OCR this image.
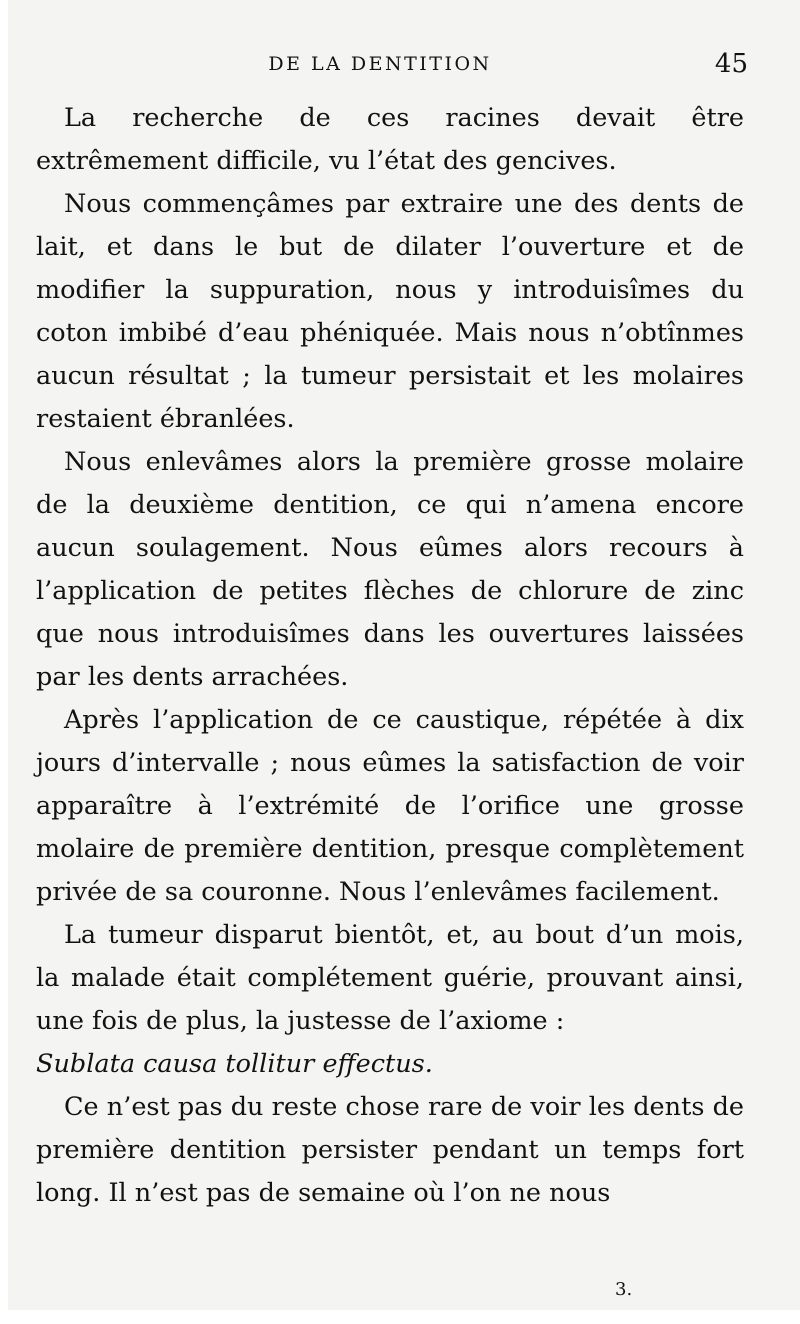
DE LA DENTITION	45

La recherche de ces racines devait être extrêmement difficile, vu l’état des gencives.

Nous commençâmes par extraire une des dents de lait, et dans le but de dilater l’ouverture et de modifier la suppuration, nous y introduisîmes du coton imbibé d’eau phéniquée. Mais nous n’obtînmes aucun résultat ; la tumeur persistait et les molaires restaient ébranlées.

Nous enlevâmes alors la première grosse molaire de la deuxième dentition, ce qui n’amena encore aucun soulagement. Nous eûmes alors recours à l’application de petites flèches de chlorure de zinc que nous introduisîmes dans les ouvertures laissées par les dents arrachées.

Après l’application de ce caustique, répétée à dix jours d’intervalle ; nous eûmes la satisfaction de voir apparaître à l’extrémité de l’orifice une grosse molaire de première dentition, presque complètement privée de sa couronne. Nous l’enlevâmes facilement.

La tumeur disparut bientôt, et, au bout d’un mois, la malade était complétement guérie, prouvant ainsi, une fois de plus, la justesse de l’axiome :

Sublata causa tollitur effectus.

Ce n’est pas du reste chose rare de voir les dents de première dentition persister pendant un temps fort long. Il n’est pas de semaine où l’on ne nous

3.
